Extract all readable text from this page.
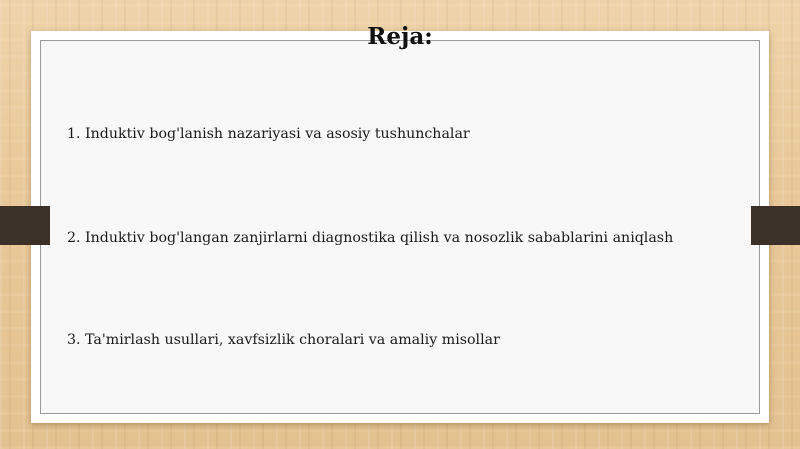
Reja:
1. Induktiv bog'lanish nazariyasi va asosiy tushunchalar
2. Induktiv bog'langan zanjirlarni diagnostika qilish va nosozlik sabablarini aniqlash
3. Ta'mirlash usullari, xavfsizlik choralari va amaliy misollar
